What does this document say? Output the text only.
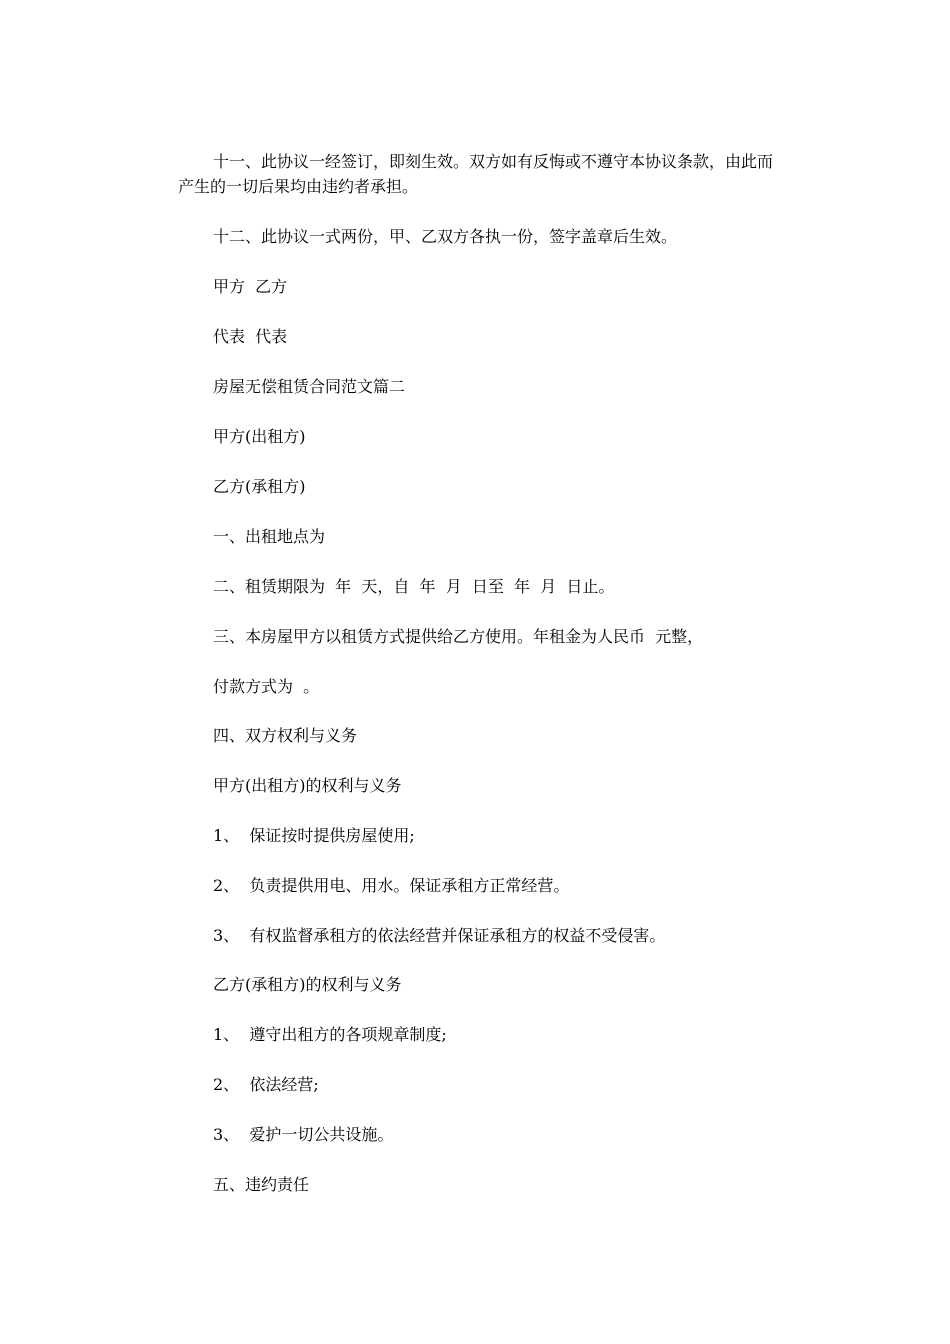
十一、此协议一经签订，即刻生效。双方如有反悔或不遵守本协议条款，由此而产生的一切后果均由违约者承担。

十二、此协议一式两份，甲、乙双方各执一份，签字盖章后生效。

甲方  乙方

代表  代表

房屋无偿租赁合同范文篇二

甲方(出租方)

乙方(承租方)

一、出租地点为

二、租赁期限为  年  天，自  年  月  日至  年  月  日止。

三、本房屋甲方以租赁方式提供给乙方使用。年租金为人民币  元整，

付款方式为  。

四、双方权利与义务

甲方(出租方)的权利与义务

1、  保证按时提供房屋使用;

2、  负责提供用电、用水。保证承租方正常经营。

3、  有权监督承租方的依法经营并保证承租方的权益不受侵害。

乙方(承租方)的权利与义务

1、  遵守出租方的各项规章制度;

2、  依法经营;

3、  爱护一切公共设施。

五、违约责任
